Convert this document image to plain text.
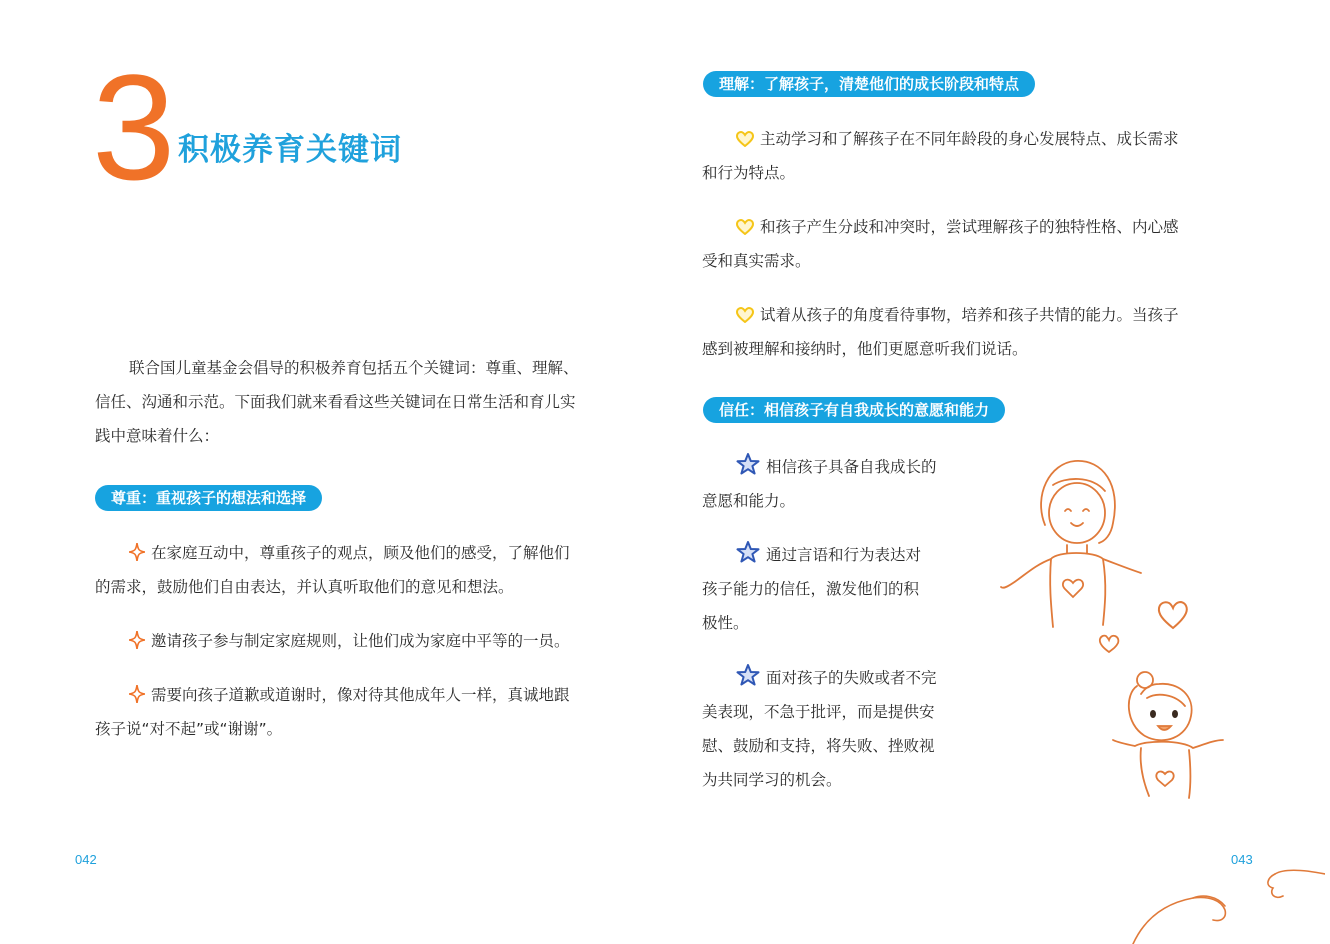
3 积极养育关键词
联合国儿童基金会倡导的积极养育包括五个关键词：尊重、理解、
信任、沟通和示范。下面我们就来看看这些关键词在日常生活和育儿实
践中意味着什么：
尊重：重视孩子的想法和选择
在家庭互动中，尊重孩子的观点，顾及他们的感受，了解他们
的需求，鼓励他们自由表达，并认真听取他们的意见和想法。
邀请孩子参与制定家庭规则，让他们成为家庭中平等的一员。
需要向孩子道歉或道谢时，像对待其他成年人一样，真诚地跟
孩子说“对不起”或“谢谢”。
042
理解：了解孩子，清楚他们的成长阶段和特点
主动学习和了解孩子在不同年龄段的身心发展特点、成长需求
和行为特点。
和孩子产生分歧和冲突时，尝试理解孩子的独特性格、内心感
受和真实需求。
试着从孩子的角度看待事物，培养和孩子共情的能力。当孩子
感到被理解和接纳时，他们更愿意听我们说话。
信任：相信孩子有自我成长的意愿和能力
相信孩子具备自我成长的
意愿和能力。
通过言语和行为表达对
孩子能力的信任，激发他们的积
极性。
面对孩子的失败或者不完
美表现，不急于批评，而是提供安
慰、鼓励和支持，将失败、挫败视
为共同学习的机会。
043
